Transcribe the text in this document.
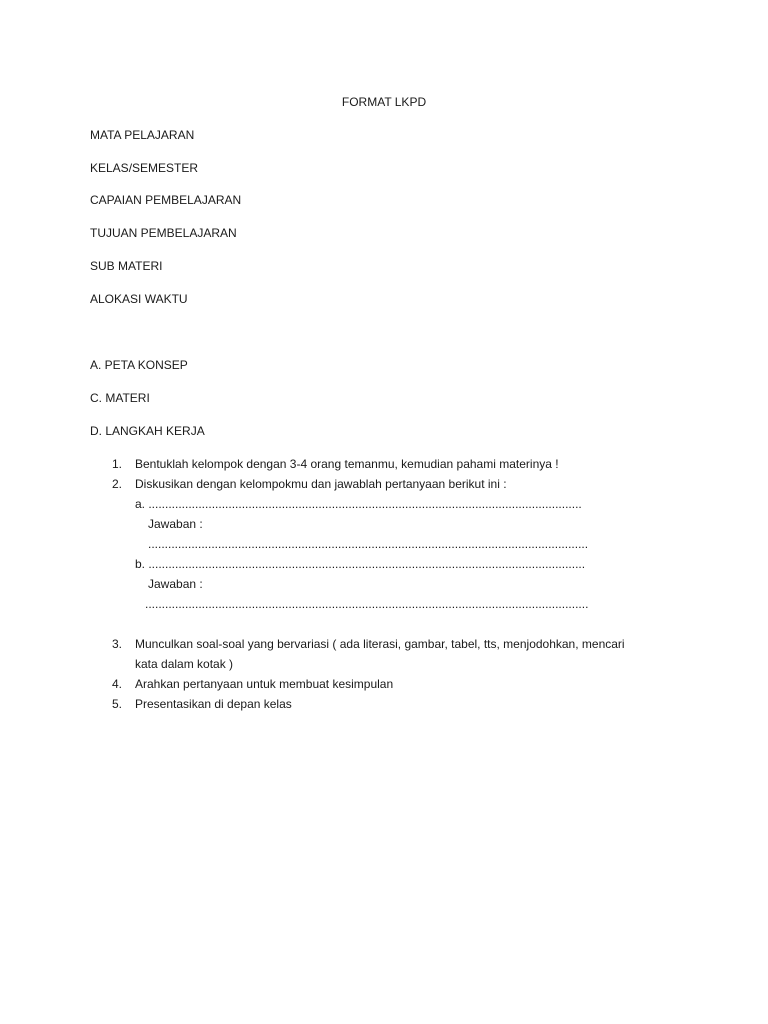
FORMAT LKPD
MATA PELAJARAN
KELAS/SEMESTER
CAPAIAN PEMBELAJARAN
TUJUAN PEMBELAJARAN
SUB MATERI
ALOKASI WAKTU
A. PETA KONSEP
C. MATERI
D. LANGKAH KERJA
1. Bentuklah kelompok dengan 3-4 orang temanmu, kemudian pahami materinya !
2. Diskusikan dengan kelompokmu dan jawablah pertanyaan berikut ini :
a. ..................................................................................................................................
Jawaban :
....................................................................................................................................
b. ...................................................................................................................................
Jawaban :
.....................................................................................................................................
3. Munculkan soal-soal yang bervariasi ( ada literasi, gambar, tabel, tts, menjodohkan, mencari
kata dalam kotak )
4. Arahkan pertanyaan untuk membuat kesimpulan
5. Presentasikan di depan kelas
